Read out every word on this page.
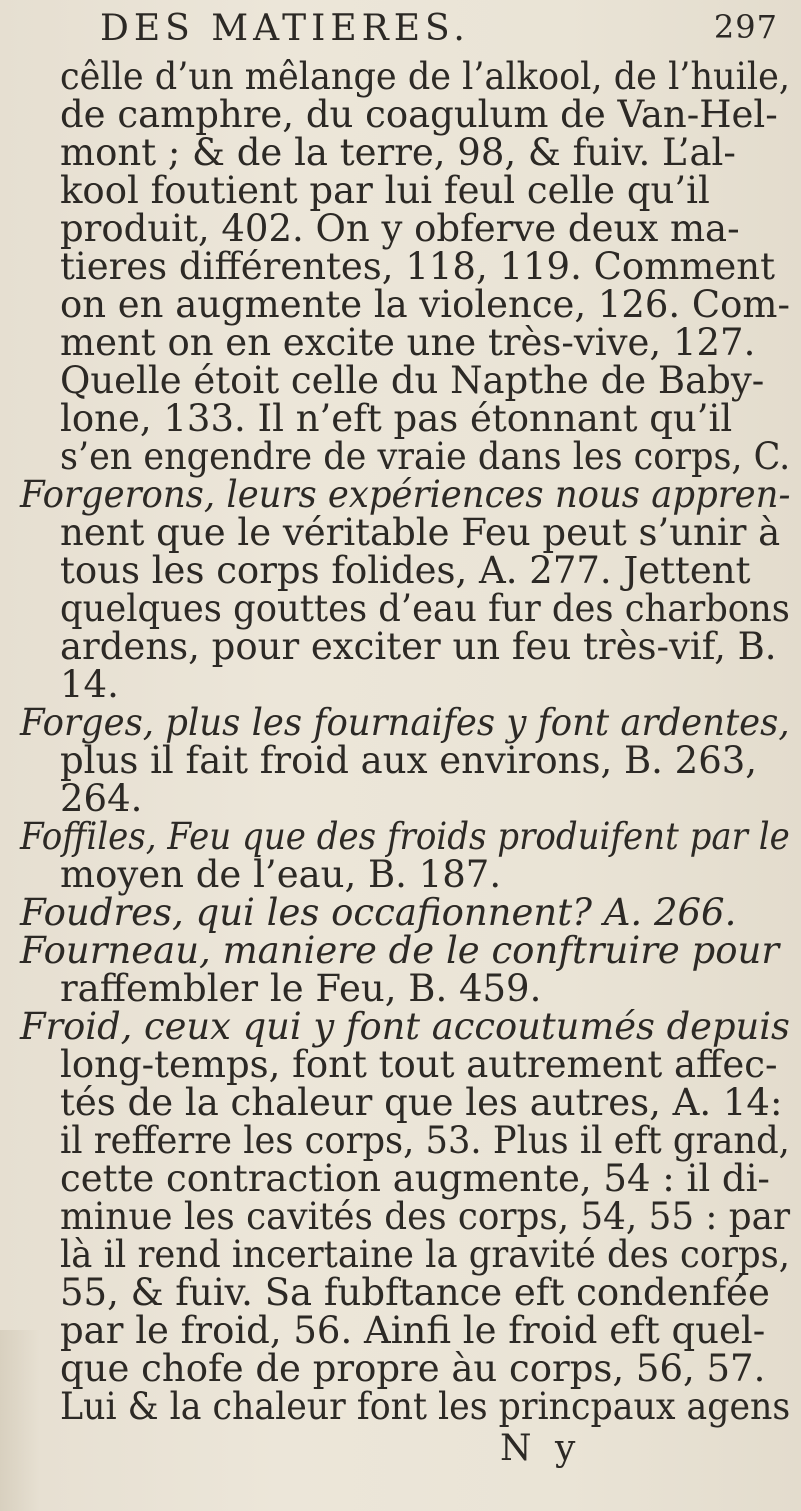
DES MATIERES.	297
cêlle d’un mêlange de l’alkool, de l’huile,
de camphre, du coagulum de Van-Hel-
mont ; & de la terre, 98, & fuiv. L’al-
kool foutient par lui feul celle qu’il
produit, 402. On y obferve deux ma-
tieres différentes, 118, 119. Comment
on en augmente la violence, 126. Com-
ment on en excite une très-vive, 127.
Quelle étoit celle du Napthe de Baby-
lone, 133. Il n’eft pas étonnant qu’il
s’en engendre de vraie dans les corps, C.
Forgerons, leurs expériences nous appren-
nent que le véritable Feu peut s’unir à
tous les corps folides, A. 277. Jettent
quelques gouttes d’eau fur des charbons
ardens, pour exciter un feu très-vif, B.
14.
Forges, plus les fournaifes y font ardentes,
plus il fait froid aux environs, B. 263,
264.
Foffiles, Feu que des froids produifent par le
moyen de l’eau, B. 187.
Foudres, qui les occafionnent? A. 266.
Fourneau, maniere de le conftruire pour
raffembler le Feu, B. 459.
Froid, ceux qui y font accoutumés depuis
long-temps, font tout autrement affec-
tés de la chaleur que les autres, A. 14:
il refferre les corps, 53. Plus il eft grand,
cette contraction augmente, 54 : il di-
minue les cavités des corps, 54, 55 : par
là il rend incertaine la gravité des corps,
55, & fuiv. Sa fubftance eft condenfée
par le froid, 56. Ainfi le froid eft quel-
que chofe de propre àu corps, 56, 57.
Lui & la chaleur font les princpaux agens
N y
